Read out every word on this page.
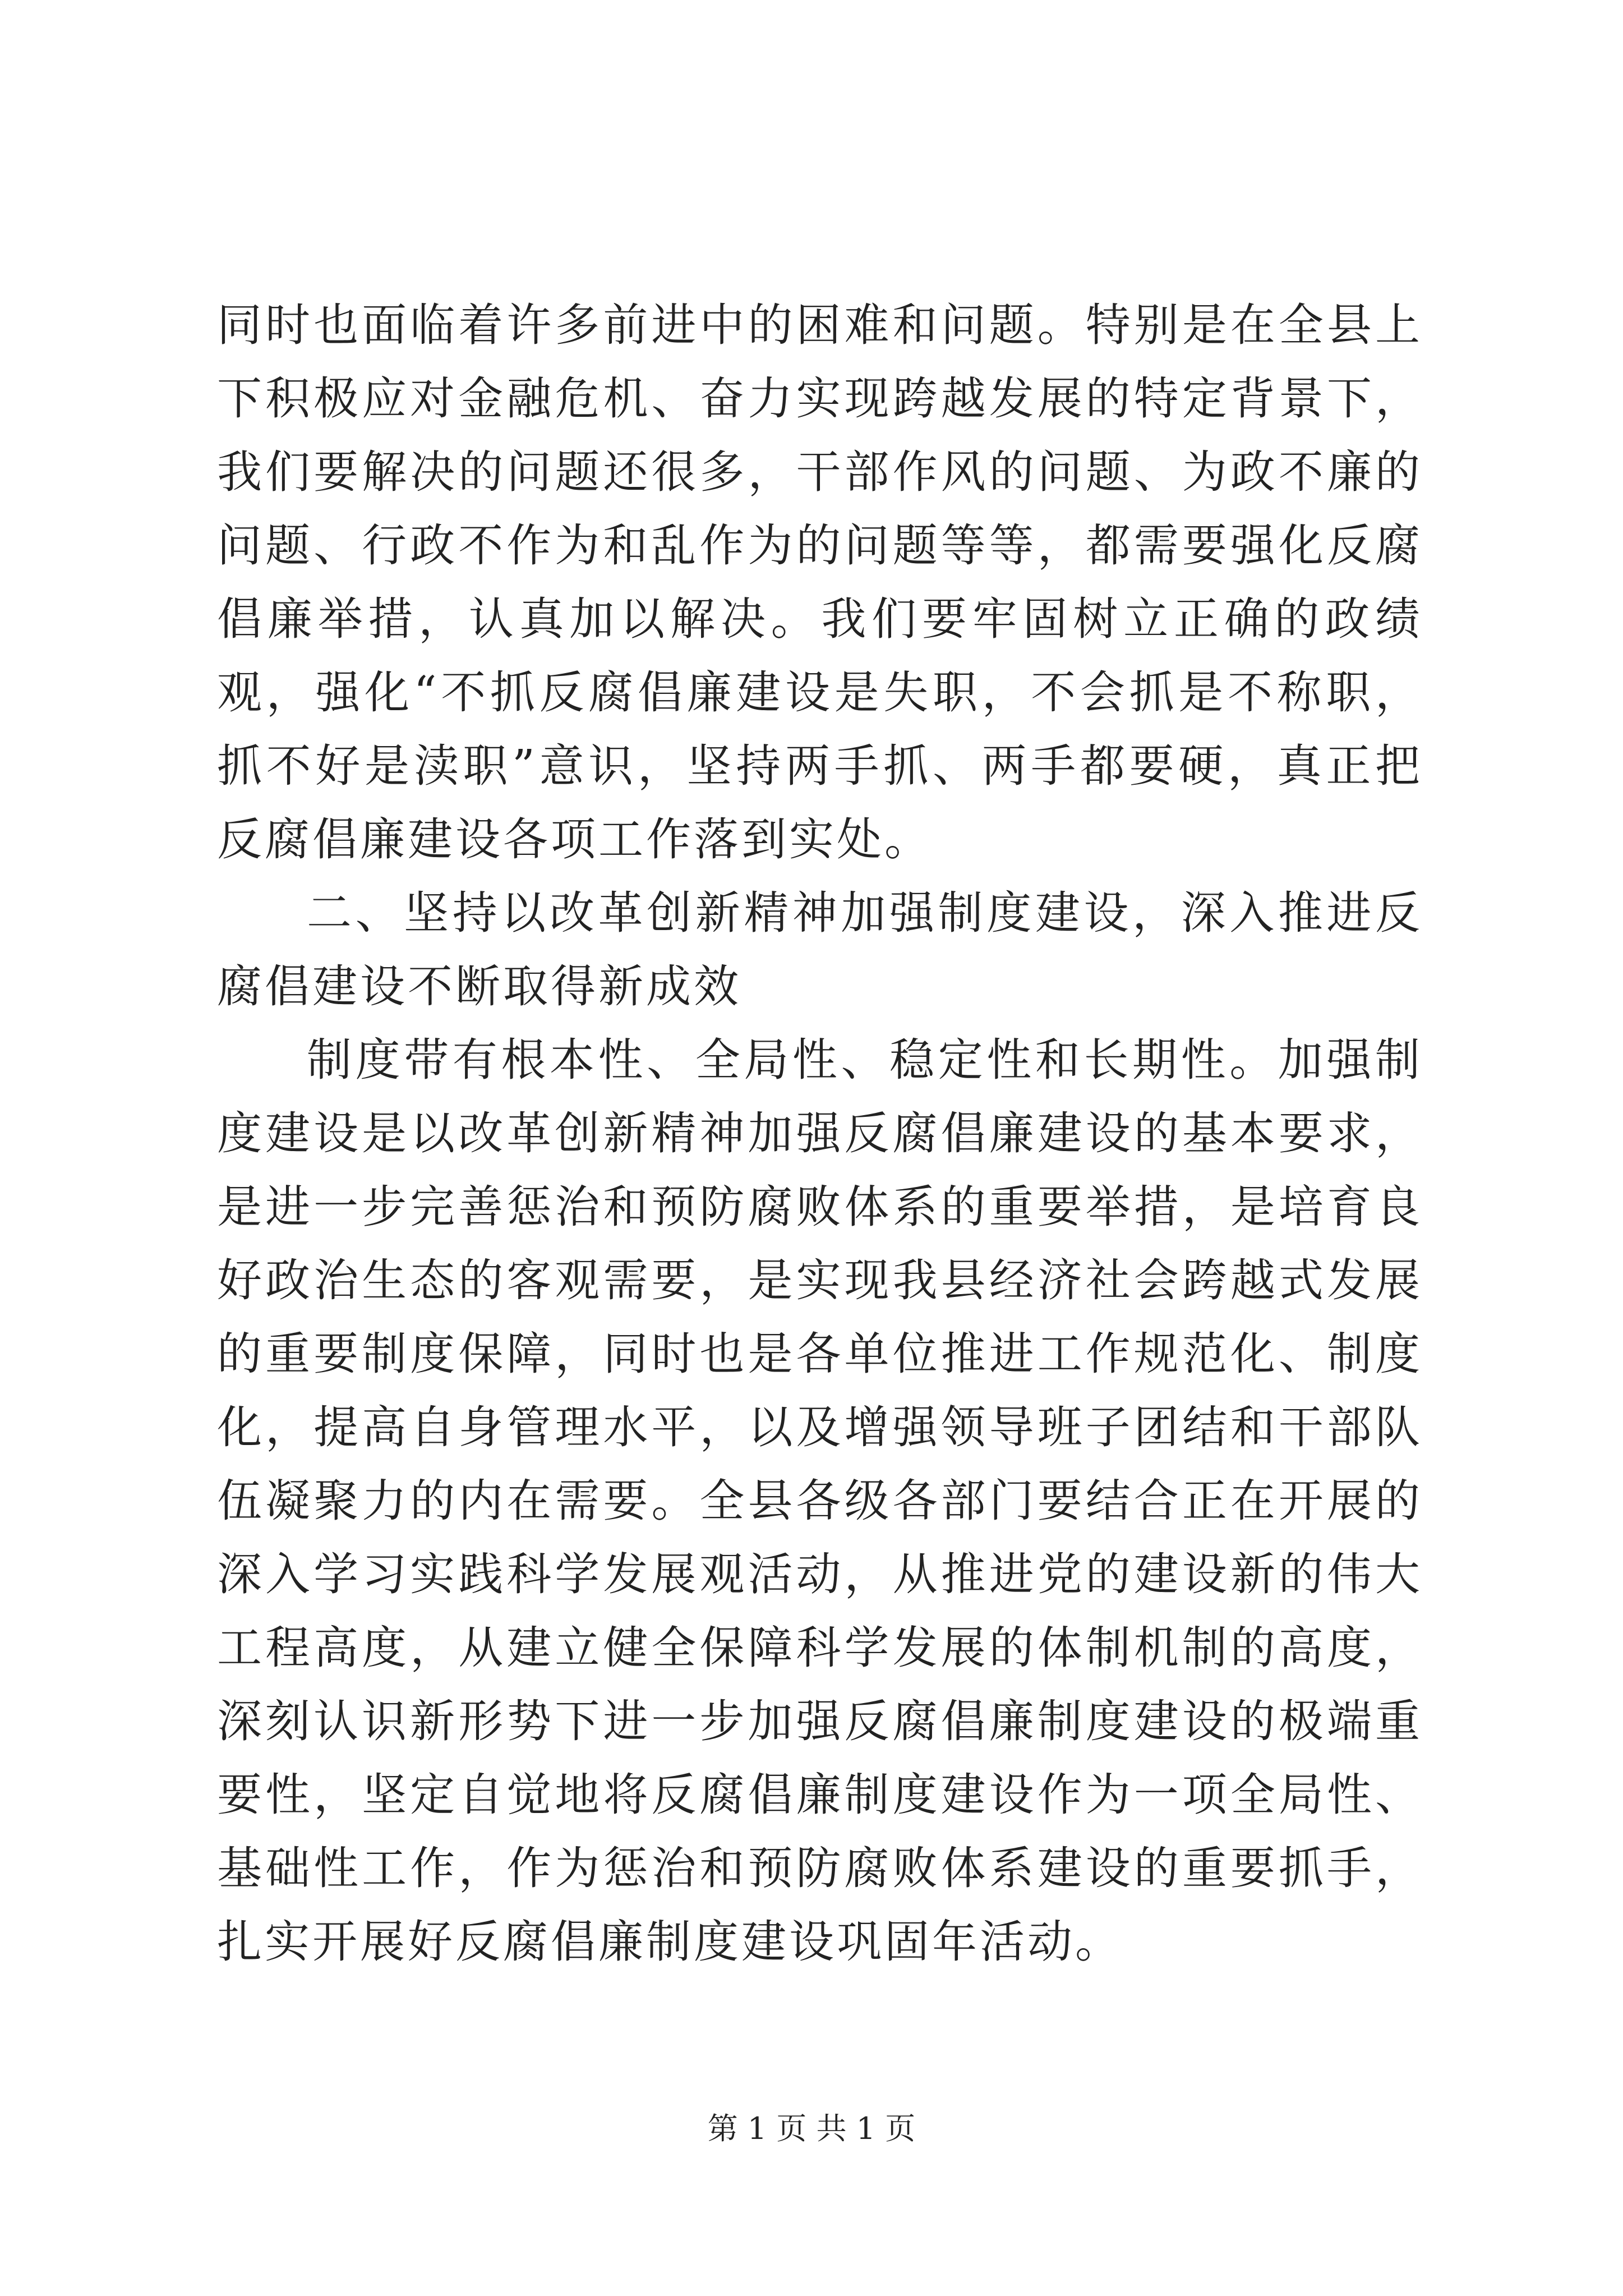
同时也面临着许多前进中的困难和问题。特别是在全县上下积极应对金融危机、奋力实现跨越发展的特定背景下，我们要解决的问题还很多，干部作风的问题、为政不廉的问题、行政不作为和乱作为的问题等等，都需要强化反腐倡廉举措，认真加以解决。我们要牢固树立正确的政绩观，强化“不抓反腐倡廉建设是失职，不会抓是不称职，抓不好是渎职”意识，坚持两手抓、两手都要硬，真正把反腐倡廉建设各项工作落到实处。

二、坚持以改革创新精神加强制度建设，深入推进反腐倡建设不断取得新成效

制度带有根本性、全局性、稳定性和长期性。加强制度建设是以改革创新精神加强反腐倡廉建设的基本要求，是进一步完善惩治和预防腐败体系的重要举措，是培育良好政治生态的客观需要，是实现我县经济社会跨越式发展的重要制度保障，同时也是各单位推进工作规范化、制度化，提高自身管理水平，以及增强领导班子团结和干部队伍凝聚力的内在需要。全县各级各部门要结合正在开展的深入学习实践科学发展观活动，从推进党的建设新的伟大工程高度，从建立健全保障科学发展的体制机制的高度，深刻认识新形势下进一步加强反腐倡廉制度建设的极端重要性，坚定自觉地将反腐倡廉制度建设作为一项全局性、基础性工作，作为惩治和预防腐败体系建设的重要抓手，扎实开展好反腐倡廉制度建设巩固年活动。

第 1 页 共 1 页
